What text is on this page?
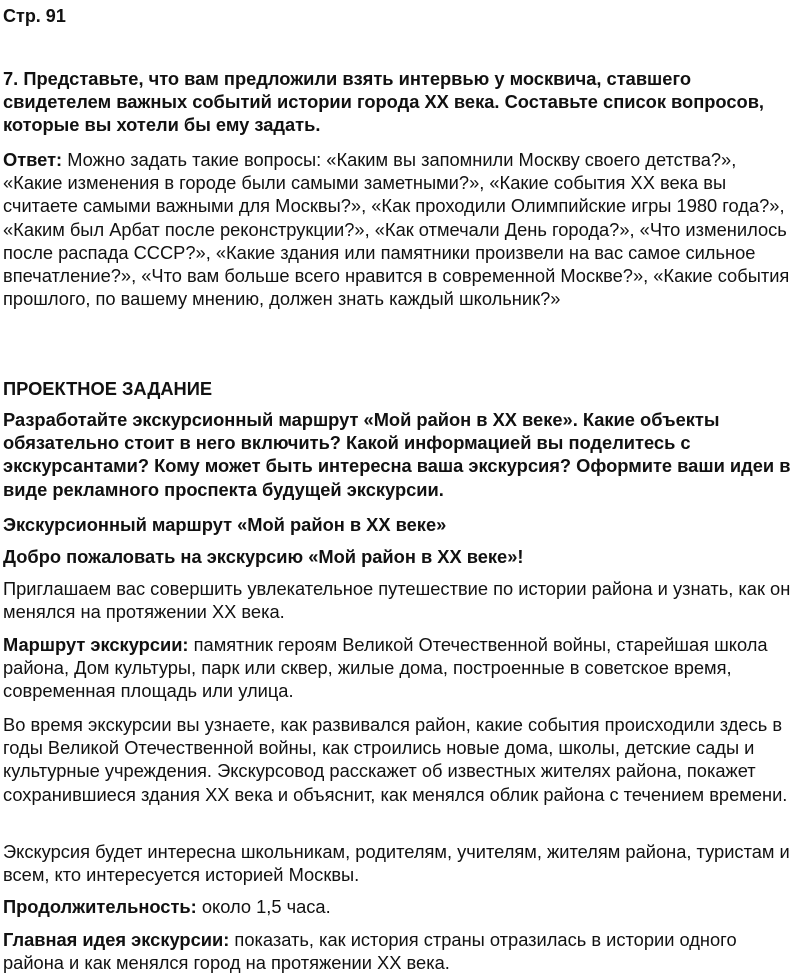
Стр. 91

7. Представьте, что вам предложили взять интервью у москвича, ставшего свидетелем важных событий истории города XX века. Составьте список вопросов, которые вы хотели бы ему задать.

Ответ: Можно задать такие вопросы: «Каким вы запомнили Москву своего детства?», «Какие изменения в городе были самыми заметными?», «Какие события XX века вы считаете самыми важными для Москвы?», «Как проходили Олимпийские игры 1980 года?», «Каким был Арбат после реконструкции?», «Как отмечали День города?», «Что изменилось после распада СССР?», «Какие здания или памятники произвели на вас самое сильное впечатление?», «Что вам больше всего нравится в современной Москве?», «Какие события прошлого, по вашему мнению, должен знать каждый школьник?»

ПРОЕКТНОЕ ЗАДАНИЕ

Разработайте экскурсионный маршрут «Мой район в XX веке». Какие объекты обязательно стоит в него включить? Какой информацией вы поделитесь с экскурсантами? Кому может быть интересна ваша экскурсия? Оформите ваши идеи в виде рекламного проспекта будущей экскурсии.

Экскурсионный маршрут «Мой район в XX веке»
Добро пожаловать на экскурсию «Мой район в XX веке»!

Приглашаем вас совершить увлекательное путешествие по истории района и узнать, как он менялся на протяжении XX века.

Маршрут экскурсии: памятник героям Великой Отечественной войны, старейшая школа района, Дом культуры, парк или сквер, жилые дома, построенные в советское время, современная площадь или улица.

Во время экскурсии вы узнаете, как развивался район, какие события происходили здесь в годы Великой Отечественной войны, как строились новые дома, школы, детские сады и культурные учреждения. Экскурсовод расскажет об известных жителях района, покажет сохранившиеся здания XX века и объяснит, как менялся облик района с течением времени.

Экскурсия будет интересна школьникам, родителям, учителям, жителям района, туристам и всем, кто интересуется историей Москвы.

Продолжительность: около 1,5 часа.

Главная идея экскурсии: показать, как история страны отразилась в истории одного района и как менялся город на протяжении XX века.
